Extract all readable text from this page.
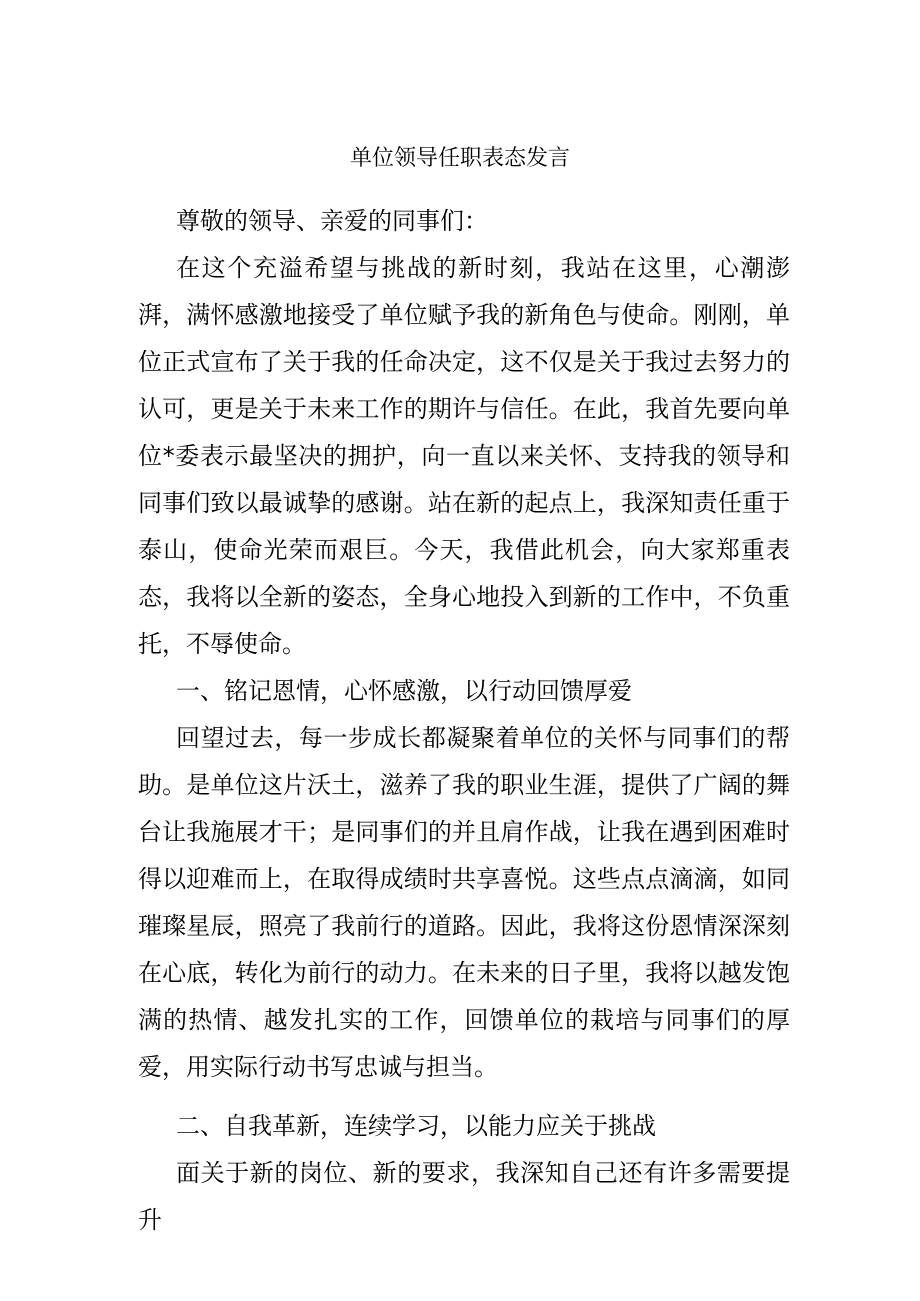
单位领导任职表态发言

尊敬的领导、亲爱的同事们：

在这个充溢希望与挑战的新时刻，我站在这里，心潮澎湃，满怀感激地接受了单位赋予我的新角色与使命。刚刚，单位正式宣布了关于我的任命决定，这不仅是关于我过去努力的认可，更是关于未来工作的期许与信任。在此，我首先要向单位*委表示最坚决的拥护，向一直以来关怀、支持我的领导和同事们致以最诚挚的感谢。站在新的起点上，我深知责任重于泰山，使命光荣而艰巨。今天，我借此机会，向大家郑重表态，我将以全新的姿态，全身心地投入到新的工作中，不负重托，不辱使命。

一、铭记恩情，心怀感激，以行动回馈厚爱

回望过去，每一步成长都凝聚着单位的关怀与同事们的帮助。是单位这片沃土，滋养了我的职业生涯，提供了广阔的舞台让我施展才干；是同事们的并且肩作战，让我在遇到困难时得以迎难而上，在取得成绩时共享喜悦。这些点点滴滴，如同璀璨星辰，照亮了我前行的道路。因此，我将这份恩情深深刻在心底，转化为前行的动力。在未来的日子里，我将以越发饱满的热情、越发扎实的工作，回馈单位的栽培与同事们的厚爱，用实际行动书写忠诚与担当。

二、自我革新，连续学习，以能力应关于挑战

面关于新的岗位、新的要求，我深知自己还有许多需要提升
